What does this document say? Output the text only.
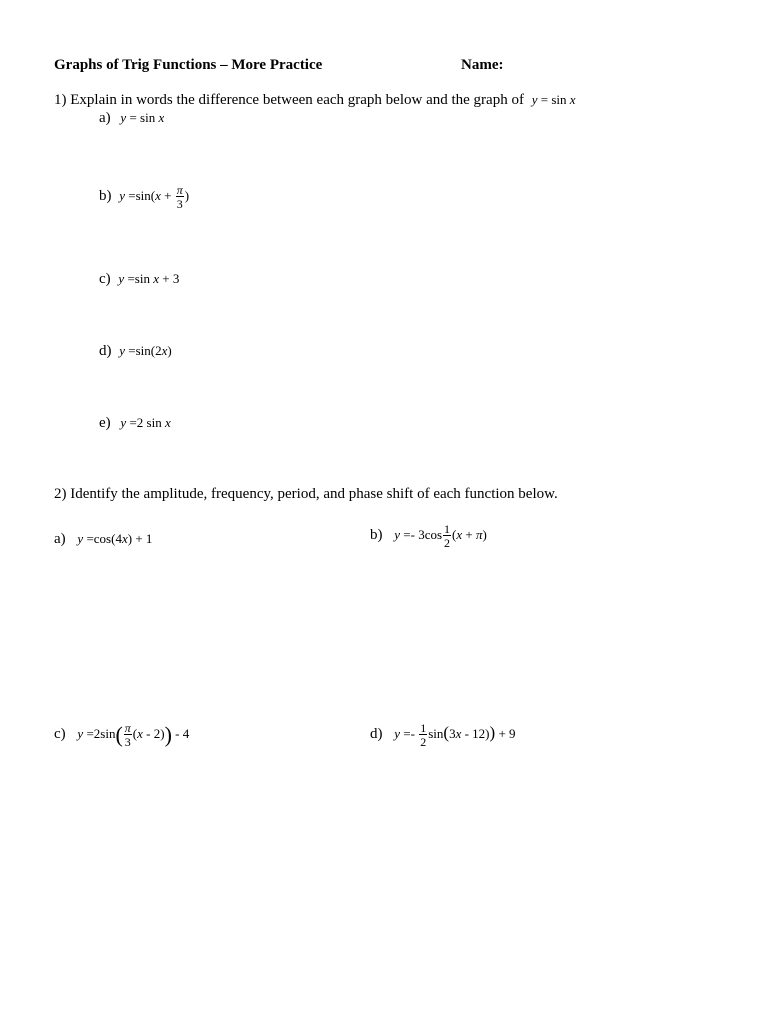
Graphs of Trig Functions – More Practice	Name:
1) Explain in words the difference between each graph below and the graph of y = sin x
a) y = sin x
b) $y =\sin(x + \frac{\pi}{3}$ )
c) y =sin x + 3
d) y =sin(2x)
e) y =2 sin x
2) Identify the amplitude, frequency, period, and phase shift of each function below.
a) y =cos(4x) + 1	b) $y =- 3\cos \frac{1}{2} (x + \pi)$
c) $y =2\sin( \frac{\pi}{3} (x - 2)) - 4$	d) $y =- \frac{1}{2} \sin(3x - 12)) + 9$
